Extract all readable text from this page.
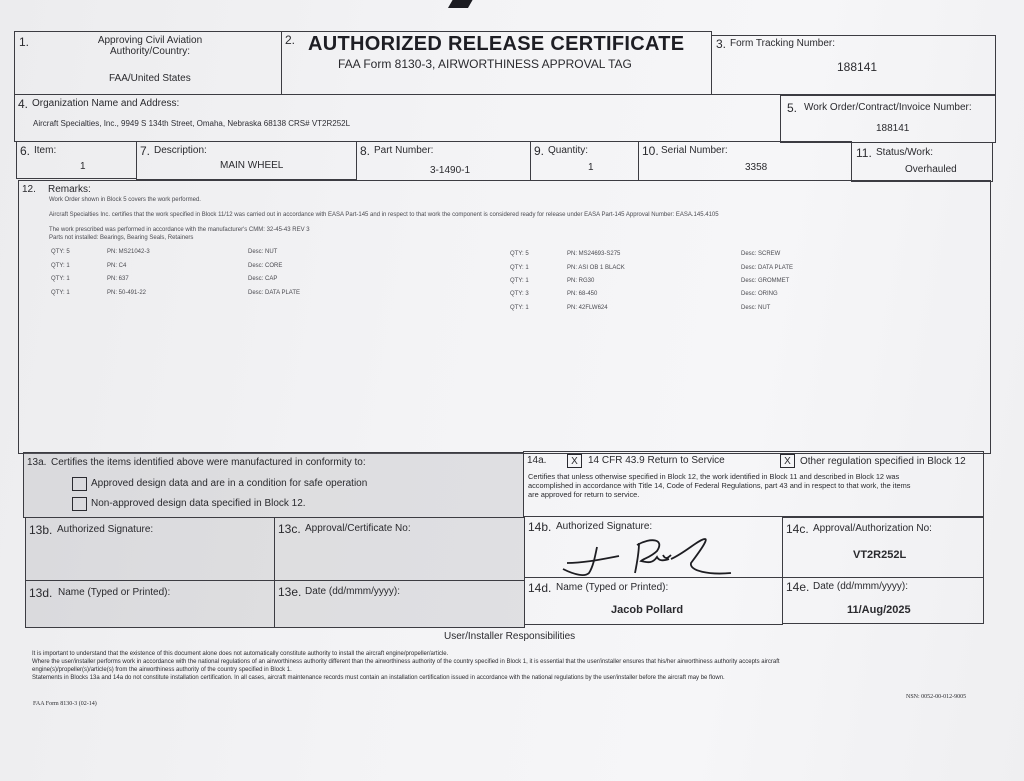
1.	Approving Civil Aviation
Authority/Country:
FAA/United States
2. AUTHORIZED RELEASE CERTIFICATE
FAA Form 8130-3, AIRWORTHINESS APPROVAL TAG
3. Form Tracking Number:
188141
4. Organization Name and Address:
Aircraft Specialties, Inc., 9949 S 134th Street, Omaha, Nebraska 68138 CRS# VT2R252L
5. Work Order/Contract/Invoice Number:
188141
6. Item:
1
7. Description:
MAIN WHEEL
8. Part Number:
3-1490-1
9. Quantity:
1
10. Serial Number:
3358
11. Status/Work:
Overhauled
12. Remarks:
Work Order shown in Block 5 covers the work performed.
Aircraft Specialties Inc. certifies that the work specified in Block 11/12 was carried out in accordance with EASA Part-145 and in respect to that work the component is considered ready for release under EASA Part-145 Approval Number: EASA.145.4105
The work prescribed was performed in accordance with the manufacturer's CMM: 32-45-43 REV 3
Parts not installed: Bearings, Bearing Seals, Retainers
QTY: 5	PN: MS21042-3	Desc: NUT
QTY: 1	PN: C4	Desc: CORE
QTY: 1	PN: 637	Desc: CAP
QTY: 1	PN: 50-491-22	Desc: DATA PLATE
QTY: 5	PN: MS24693-S275	Desc: SCREW
QTY: 1	PN: ASI OB 1 BLACK	Desc: DATA PLATE
QTY: 1	PN: RG30	Desc: GROMMET
QTY: 3	PN: 68-450	Desc: ORING
QTY: 1	PN: 42FLW624	Desc: NUT
13a. Certifies the items identified above were manufactured in conformity to:
Approved design data and are in a condition for safe operation
Non-approved design data specified in Block 12.
14a.	X	14 CFR 43.9 Return to Service	X Other regulation specified in Block 12
Certifies that unless otherwise specified in Block 12, the work identified in Block 11 and described in Block 12 was
accomplished in accordance with Title 14, Code of Federal Regulations, part 43 and in respect to that work, the items
are approved for return to service.
13b. Authorized Signature:	13c. Approval/Certificate No:	14b. Authorized Signature:	14c. Approval/Authorization No:
VT2R252L
13d. Name (Typed or Printed):	13e. Date (dd/mmm/yyyy):	14d. Name (Typed or Printed):
Jacob Pollard
14e. Date (dd/mmm/yyyy):
11/Aug/2025
User/Installer Responsibilities
It is important to understand that the existence of this document alone does not automatically constitute authority to install the aircraft engine/propeller/article.
Where the user/installer performs work in accordance with the national regulations of an airworthiness authority different than the airworthiness authority of the country specified in Block 1, it is essential that the user/installer ensures that his/her airworthiness authority accepts aircraft
engine(s)/propeller(s)/article(s) from the airworthiness authority of the country specified in Block 1.
Statements in Blocks 13a and 14a do not constitute installation certification. In all cases, aircraft maintenance records must contain an installation certification issued in accordance with the national regulations by the user/installer before the aircraft may be flown.
FAA Form 8130-3 (02-14)
NSN: 0052-00-012-9005
